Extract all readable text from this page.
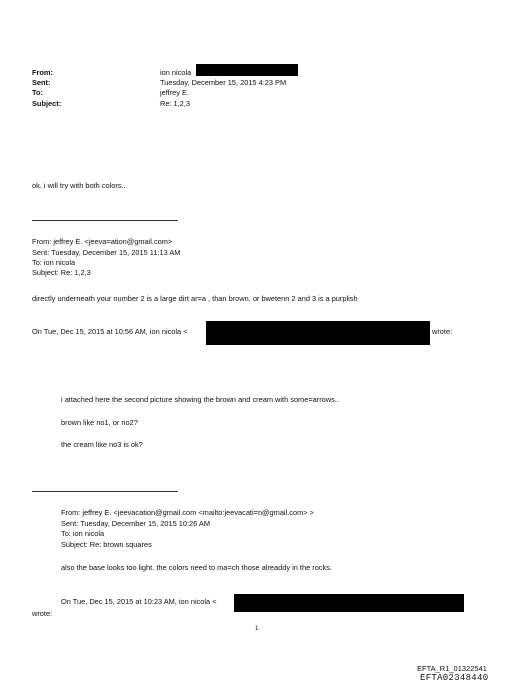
From:
Sent:
To:
Subject:
ion nicola
Tuesday, December 15, 2015 4:23 PM
jeffrey E.
Re: 1,2,3
ok. i will try with both colors..
From: jeffrey E. <jeeva=ation@gmail.com>
Sent: Tuesday, December 15, 2015 11:13 AM
To: ion nicola
Subject: Re: 1,2,3
directly underneath your number 2 is a large dirt ar=a , than brown, or bwetenn 2 and 3 is a purplish
On Tue, Dec 15, 2015 at 10:56 AM, ion nicola <	wrote:
i attached here the second picture showing the brown and cream with some=arrows..
brown like no1, or no2?
the cream like no3 is ok?
From: jeffrey E. <jeevacation@gmail.com <mailto:jeevacati=n@gmail.com> >
Sent: Tuesday, December 15, 2015 10:26 AM
To: ion nicola
Subject: Re: brown squares
also the base looks too light. the colors need to ma=ch those alreaddy in the rocks.
On Tue, Dec 15, 2015 at 10:23 AM, ion nicola <
wrote:
1
EFTA_R1_01322541
EFTA02348440
